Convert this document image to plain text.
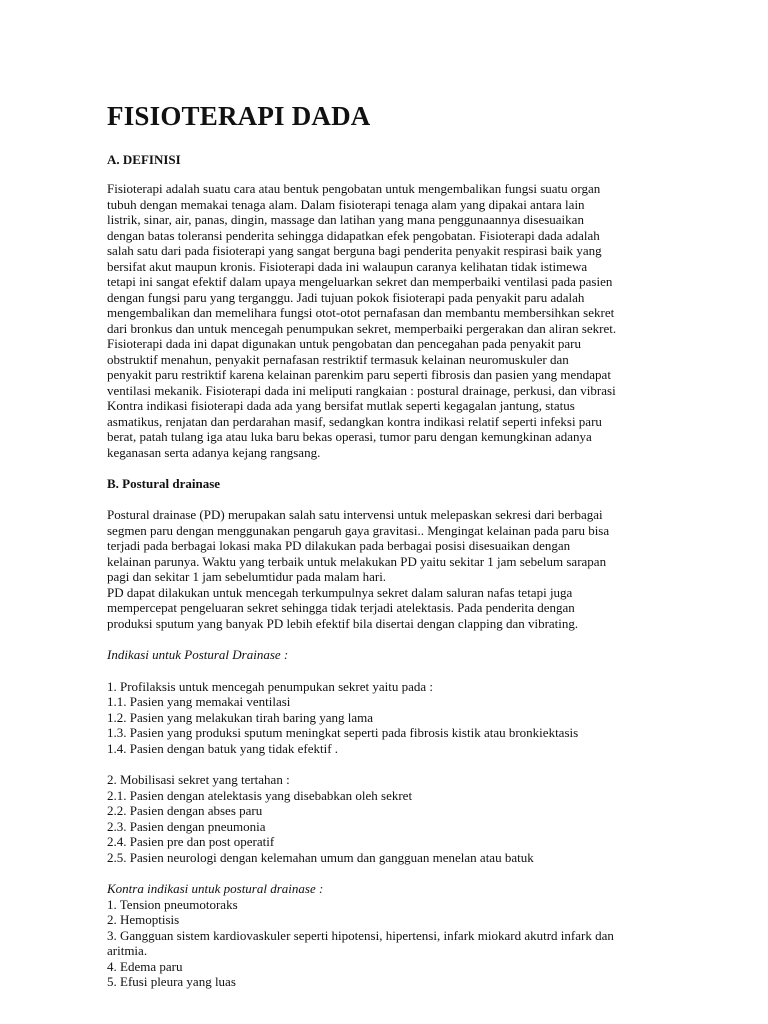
FISIOTERAPI DADA
A. DEFINISI
Fisioterapi adalah suatu cara atau bentuk pengobatan untuk mengembalikan fungsi suatu organ
tubuh dengan memakai tenaga alam. Dalam fisioterapi tenaga alam yang dipakai antara lain
listrik, sinar, air, panas, dingin, massage dan latihan yang mana penggunaannya disesuaikan
dengan batas toleransi penderita sehingga didapatkan efek pengobatan. Fisioterapi dada adalah
salah satu dari pada fisioterapi yang sangat berguna bagi penderita penyakit respirasi baik yang
bersifat akut maupun kronis. Fisioterapi dada ini walaupun caranya kelihatan tidak istimewa
tetapi ini sangat efektif dalam upaya mengeluarkan sekret dan memperbaiki ventilasi pada pasien
dengan fungsi paru yang terganggu. Jadi tujuan pokok fisioterapi pada penyakit paru adalah
mengembalikan dan memelihara fungsi otot-otot pernafasan dan membantu membersihkan sekret
dari bronkus dan untuk mencegah penumpukan sekret, memperbaiki pergerakan dan aliran sekret.
Fisioterapi dada ini dapat digunakan untuk pengobatan dan pencegahan pada penyakit paru
obstruktif menahun, penyakit pernafasan restriktif termasuk kelainan neuromuskuler dan
penyakit paru restriktif karena kelainan parenkim paru seperti fibrosis dan pasien yang mendapat
ventilasi mekanik. Fisioterapi dada ini meliputi rangkaian : postural drainage, perkusi, dan vibrasi
Kontra indikasi fisioterapi dada ada yang bersifat mutlak seperti kegagalan jantung, status
asmatikus, renjatan dan perdarahan masif, sedangkan kontra indikasi relatif seperti infeksi paru
berat, patah tulang iga atau luka baru bekas operasi, tumor paru dengan kemungkinan adanya
keganasan serta adanya kejang rangsang.
B. Postural drainase
Postural drainase (PD) merupakan salah satu intervensi untuk melepaskan sekresi dari berbagai
segmen paru dengan menggunakan pengaruh gaya gravitasi.. Mengingat kelainan pada paru bisa
terjadi pada berbagai lokasi maka PD dilakukan pada berbagai posisi disesuaikan dengan
kelainan parunya. Waktu yang terbaik untuk melakukan PD yaitu sekitar 1 jam sebelum sarapan
pagi dan sekitar 1 jam sebelumtidur pada malam hari.
PD dapat dilakukan untuk mencegah terkumpulnya sekret dalam saluran nafas tetapi juga
mempercepat pengeluaran sekret sehingga tidak terjadi atelektasis. Pada penderita dengan
produksi sputum yang banyak PD lebih efektif bila disertai dengan clapping dan vibrating.
Indikasi untuk Postural Drainase :
1. Profilaksis untuk mencegah penumpukan sekret yaitu pada :
1.1. Pasien yang memakai ventilasi
1.2. Pasien yang melakukan tirah baring yang lama
1.3. Pasien yang produksi sputum meningkat seperti pada fibrosis kistik atau bronkiektasis
1.4. Pasien dengan batuk yang tidak efektif .
2. Mobilisasi sekret yang tertahan :
2.1. Pasien dengan atelektasis yang disebabkan oleh sekret
2.2. Pasien dengan abses paru
2.3. Pasien dengan pneumonia
2.4. Pasien pre dan post operatif
2.5. Pasien neurologi dengan kelemahan umum dan gangguan menelan atau batuk
Kontra indikasi untuk postural drainase :
1. Tension pneumotoraks
2. Hemoptisis
3. Gangguan sistem kardiovaskuler seperti hipotensi, hipertensi, infark miokard akutrd infark dan
aritmia.
4. Edema paru
5. Efusi pleura yang luas
